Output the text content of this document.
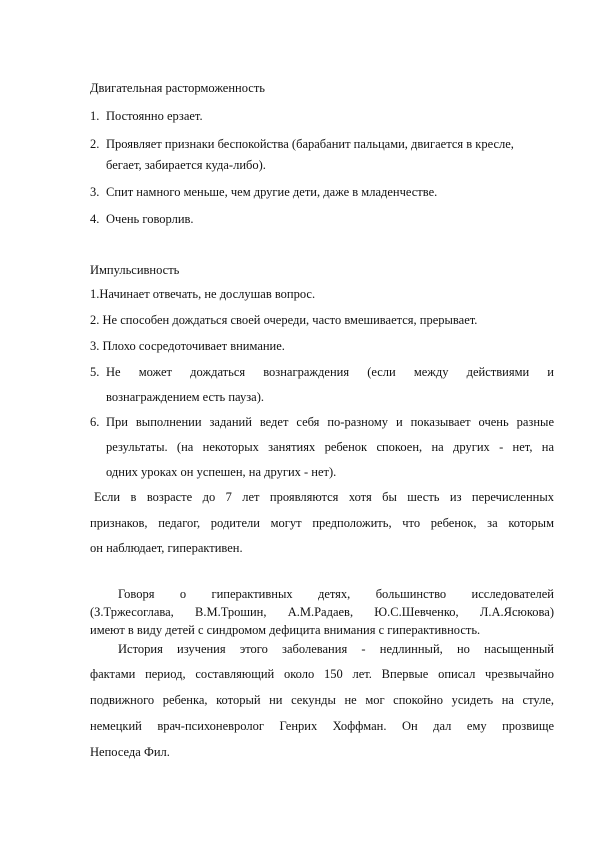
Двигательная расторможенность
1. Постоянно ерзает.
2. Проявляет признаки беспокойства (барабанит пальцами, двигается в кресле,
бегает, забирается куда-либо).
3. Спит намного меньше, чем другие дети, даже в младенчестве.
4. Очень говорлив.
Импульсивность
1.Начинает отвечать, не дослушав вопрос.
2. Не способен дождаться своей очереди, часто вмешивается, прерывает.
3. Плохо сосредоточивает внимание.
5. Не может дождаться вознаграждения (если между действиями и
вознаграждением есть пауза).
6. При выполнении заданий ведет себя по-разному и показывает очень разные
результаты. (на некоторых занятиях ребенок спокоен, на других - нет, на
одних уроках он успешен, на других - нет).
Если в возрасте до 7 лет проявляются хотя бы шесть из перечисленных
признаков, педагог, родители могут предположить, что ребенок, за которым
он наблюдает, гиперактивен.
Говоря о гиперактивных детях, большинство исследователей
(З.Тржесоглава, В.М.Трошин, А.М.Радаев, Ю.С.Шевченко, Л.А.Ясюкова)
имеют в виду детей с синдромом дефицита внимания с гиперактивность.
История изучения этого заболевания - недлинный, но насыщенный
фактами период, составляющий около 150 лет. Впервые описал чрезвычайно
подвижного ребенка, который ни секунды не мог спокойно усидеть на стуле,
немецкий врач-психоневролог Генрих Хоффман. Он дал ему прозвище
Непоседа Фил.
